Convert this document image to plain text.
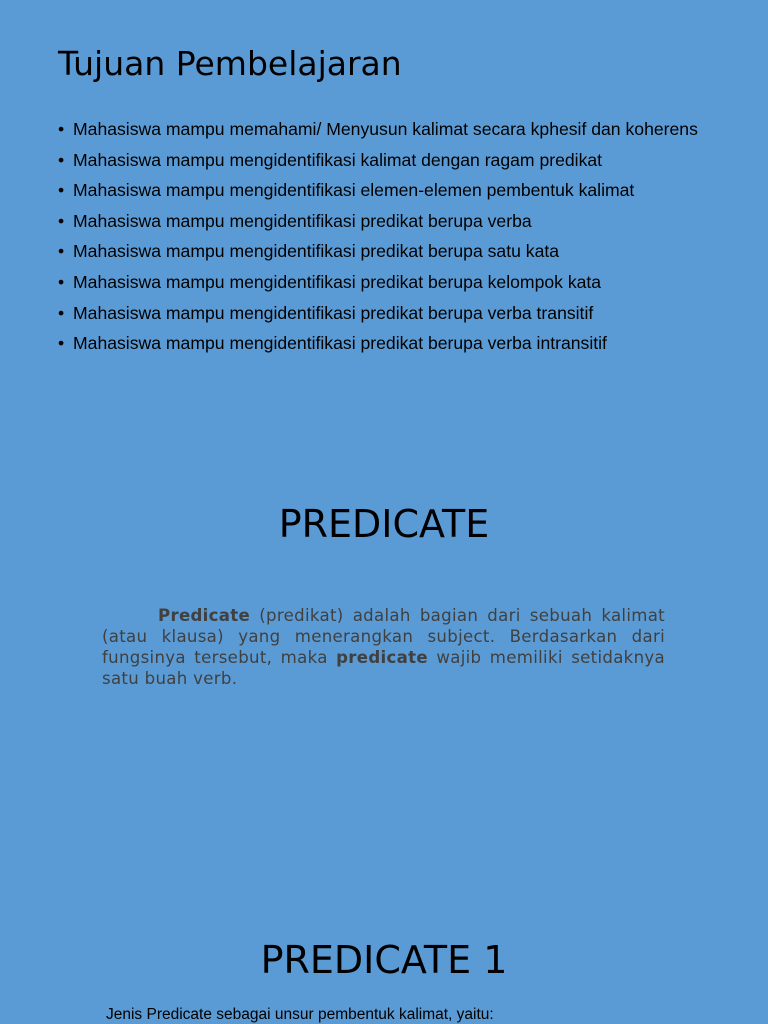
Tujuan Pembelajaran
• Mahasiswa mampu memahami/ Menyusun kalimat secara kphesif dan koherens
• Mahasiswa mampu mengidentifikasi kalimat dengan ragam predikat
• Mahasiswa mampu mengidentifikasi elemen-elemen pembentuk kalimat
• Mahasiswa mampu mengidentifikasi predikat berupa verba
• Mahasiswa mampu mengidentifikasi predikat berupa satu kata
• Mahasiswa mampu mengidentifikasi predikat berupa kelompok kata
• Mahasiswa mampu mengidentifikasi predikat berupa verba transitif
• Mahasiswa mampu mengidentifikasi predikat berupa verba intransitif
PREDICATE

Predicate (predikat) adalah bagian dari sebuah kalimat (atau klausa) yang menerangkan subject. Berdasarkan dari fungsinya tersebut, maka predicate wajib memiliki setidaknya satu buah verb.

PREDICATE 1

Jenis Predicate sebagai unsur pembentuk kalimat, yaitu:
